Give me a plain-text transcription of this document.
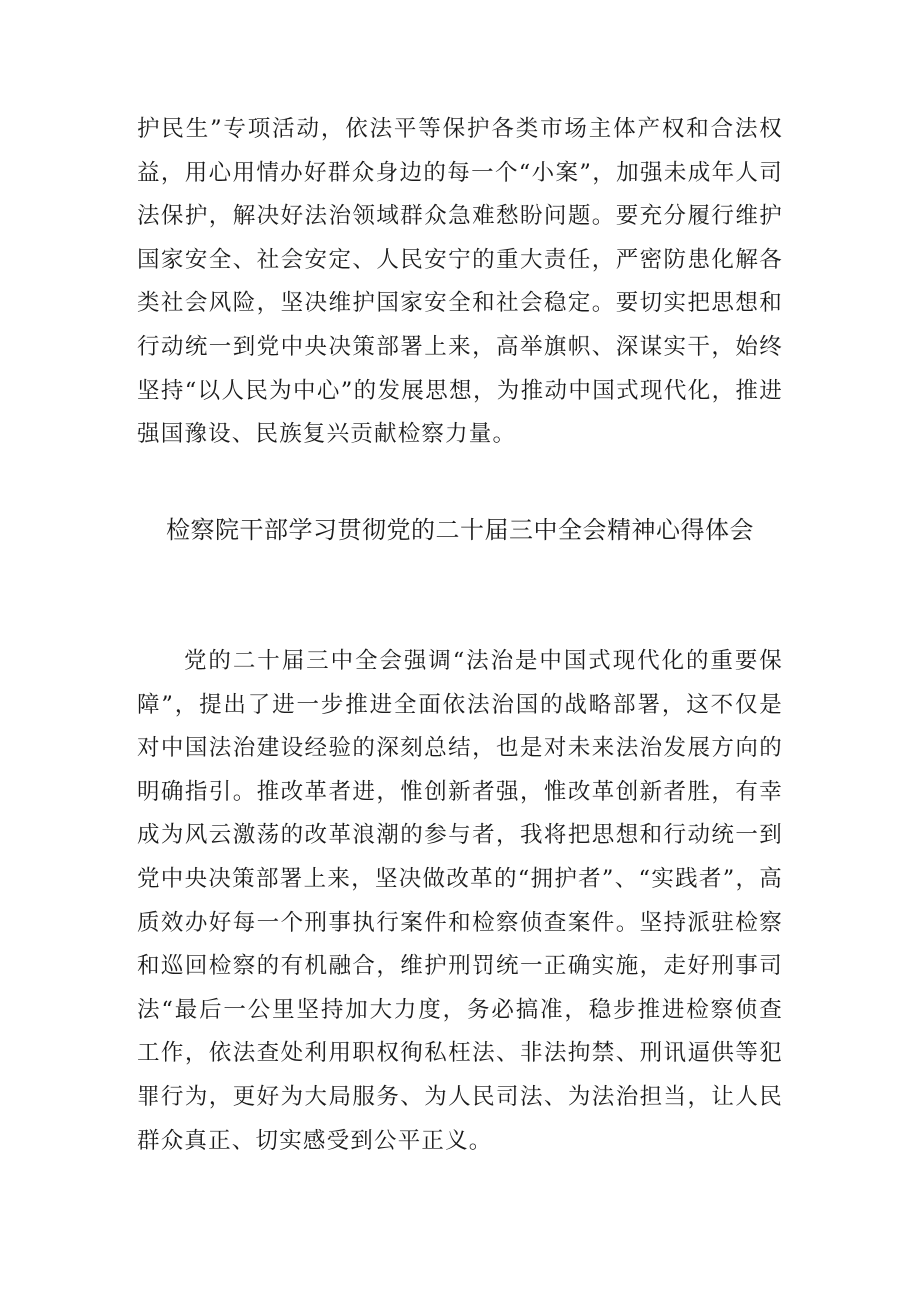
护民生”专项活动，依法平等保护各类市场主体产权和合法权益，用心用情办好群众身边的每一个“小案”，加强未成年人司法保护，解决好法治领域群众急难愁盼问题。要充分履行维护国家安全、社会安定、人民安宁的重大责任，严密防患化解各类社会风险，坚决维护国家安全和社会稳定。要切实把思想和行动统一到党中央决策部署上来，高举旗帜、深谋实干，始终坚持“以人民为中心”的发展思想，为推动中国式现代化，推进强国豫设、民族复兴贡献检察力量。

检察院干部学习贯彻党的二十届三中全会精神心得体会

党的二十届三中全会强调“法治是中国式现代化的重要保障”，提出了进一步推进全面依法治国的战略部署，这不仅是对中国法治建设经验的深刻总结，也是对未来法治发展方向的明确指引。推改革者进，惟创新者强，惟改革创新者胜，有幸成为风云激荡的改革浪潮的参与者，我将把思想和行动统一到党中央决策部署上来，坚决做改革的“拥护者”、“实践者”，高质效办好每一个刑事执行案件和检察侦查案件。坚持派驻检察和巡回检察的有机融合，维护刑罚统一正确实施，走好刑事司法“最后一公里坚持加大力度，务必搞准，稳步推进检察侦查工作，依法查处利用职权徇私枉法、非法拘禁、刑讯逼供等犯罪行为，更好为大局服务、为人民司法、为法治担当，让人民群众真正、切实感受到公平正义。
